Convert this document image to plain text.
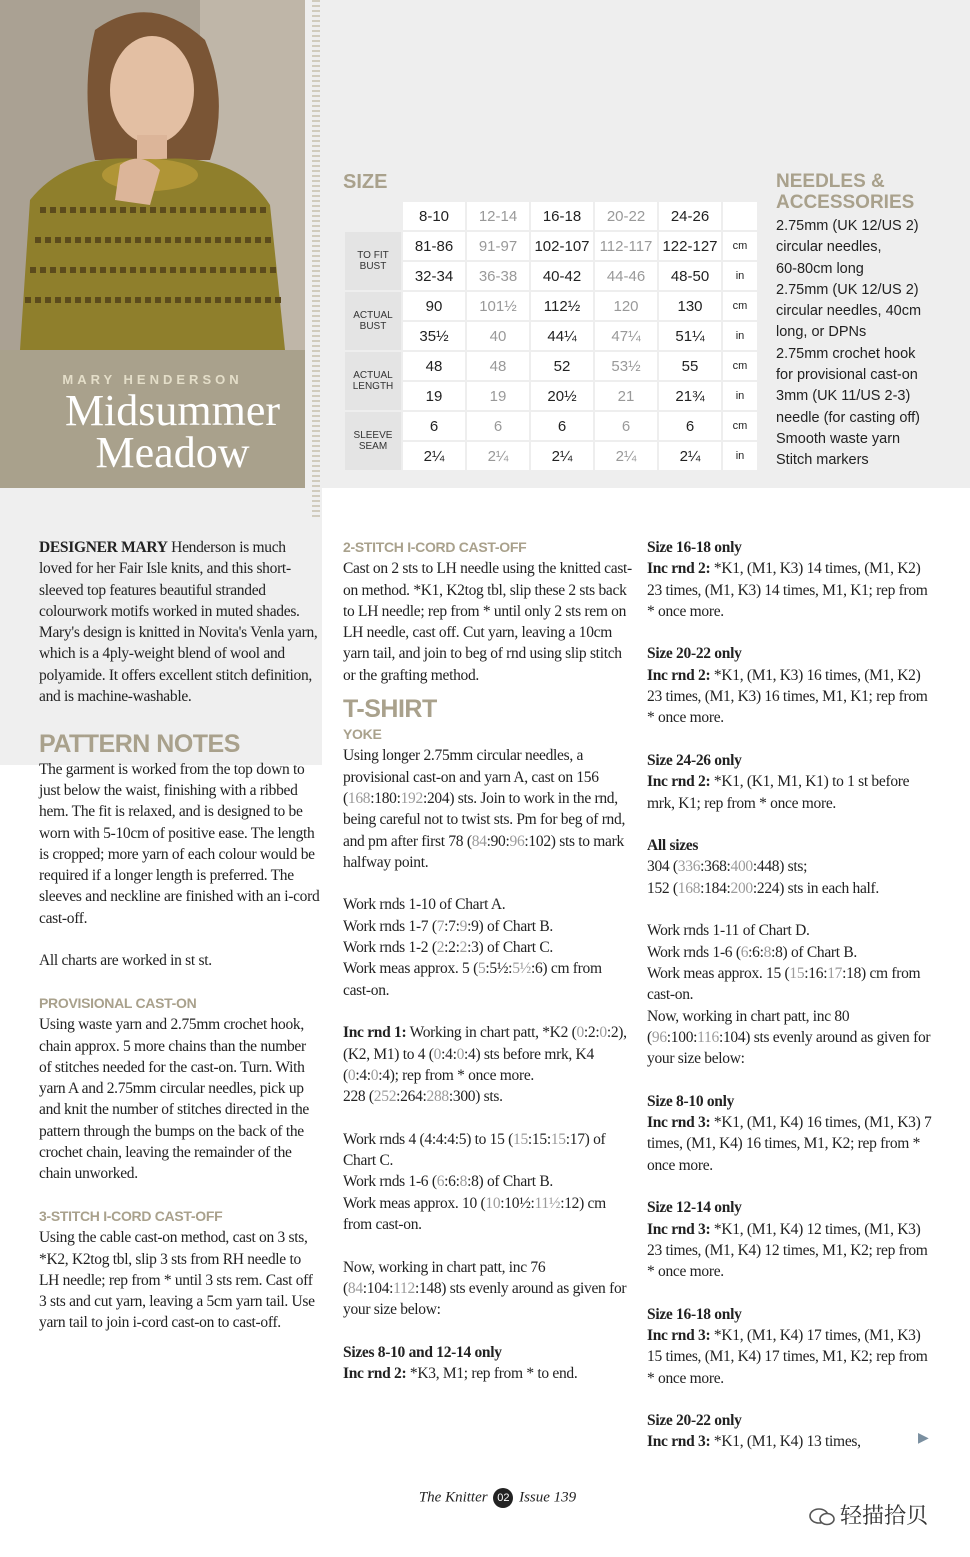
MARY HENDERSON
Midsummer
Meadow
SIZE
	8-10	12-14	16-18	20-22	24-26	
TO FIT BUST	81-86	91-97	102-107	112-117	122-127	cm
	32-34	36-38	40-42	44-46	48-50	in
ACTUAL BUST	90	101½	112½	120	130	cm
	35½	40	44¼	47¼	51¼	in
ACTUAL LENGTH	48	48	52	53½	55	cm
	19	19	20½	21	21¾	in
SLEEVE SEAM	6	6	6	6	6	cm
	2¼	2¼	2¼	2¼	2¼	in
NEEDLES &
ACCESSORIES
2.75mm (UK 12/US 2)
circular needles,
60-80cm long
2.75mm (UK 12/US 2)
circular needles, 40cm
long, or DPNs
2.75mm crochet hook
for provisional cast-on
3mm (UK 11/US 2-3)
needle (for casting off)
Smooth waste yarn
Stitch markers

DESIGNER MARY Henderson is much loved for her Fair Isle knits, and this short-sleeved top features beautiful stranded colourwork motifs worked in muted shades. Mary's design is knitted in Novita's Venla yarn, which is a 4ply-weight blend of wool and polyamide. It offers excellent stitch definition, and is machine-washable.

PATTERN NOTES

The garment is worked from the top down to just below the waist, finishing with a ribbed hem. The fit is relaxed, and is designed to be worn with 5-10cm of positive ease. The length is cropped; more yarn of each colour would be required if a longer length is preferred. The sleeves and neckline are finished with an i-cord cast-off.

All charts are worked in st st.

PROVISIONAL CAST-ON

Using waste yarn and 2.75mm crochet hook, chain approx. 5 more chains than the number of stitches needed for the cast-on. Turn. With yarn A and 2.75mm circular needles, pick up and knit the number of stitches directed in the pattern through the bumps on the back of the crochet chain, leaving the remainder of the chain unworked.

3-STITCH I-CORD CAST-OFF

Using the cable cast-on method, cast on 3 sts, *K2, K2tog tbl, slip 3 sts from RH needle to LH needle; rep from * until 3 sts rem. Cast off 3 sts and cut yarn, leaving a 5cm yarn tail. Use yarn tail to join i-cord cast-on to cast-off.

2-STITCH I-CORD CAST-OFF

Cast on 2 sts to LH needle using the knitted cast-on method. *K1, K2tog tbl, slip these 2 sts back to LH needle; rep from * until only 2 sts rem on LH needle, cast off. Cut yarn, leaving a 10cm yarn tail, and join to beg of rnd using slip stitch or the grafting method.

T-SHIRT
YOKE

Using longer 2.75mm circular needles, a provisional cast-on and yarn A, cast on 156 (168:180:192:204) sts. Join to work in the rnd, being careful not to twist sts. Pm for beg of rnd, and pm after first 78 (84:90:96:102) sts to mark halfway point.

Work rnds 1-10 of Chart A.
Work rnds 1-7 (7:7:9:9) of Chart B.
Work rnds 1-2 (2:2:2:3) of Chart C.
Work meas approx. 5 (5:5½:5½:6) cm from cast-on.

Inc rnd 1: Working in chart patt, *K2 (0:2:0:2), (K2, M1) to 4 (0:4:0:4) sts before mrk, K4 (0:4:0:4); rep from * once more.
228 (252:264:288:300) sts.

Work rnds 4 (4:4:4:5) to 15 (15:15:15:17) of Chart C.
Work rnds 1-6 (6:6:8:8) of Chart B.
Work meas approx. 10 (10:10½:11½:12) cm from cast-on.

Now, working in chart patt, inc 76 (84:104:112:148) sts evenly around as given for your size below:

Sizes 8-10 and 12-14 only
Inc rnd 2: *K3, M1; rep from * to end.

Size 16-18 only
Inc rnd 2: *K1, (M1, K3) 14 times, (M1, K2) 23 times, (M1, K3) 14 times, M1, K1; rep from * once more.

Size 20-22 only
Inc rnd 2: *K1, (M1, K3) 16 times, (M1, K2) 23 times, (M1, K3) 16 times, M1, K1; rep from * once more.

Size 24-26 only
Inc rnd 2: *K1, (K1, M1, K1) to 1 st before mrk, K1; rep from * once more.

All sizes
304 (336:368:400:448) sts;
152 (168:184:200:224) sts in each half.

Work rnds 1-11 of Chart D.
Work rnds 1-6 (6:6:8:8) of Chart B.
Work meas approx. 15 (15:16:17:18) cm from cast-on.
Now, working in chart patt, inc 80 (96:100:116:104) sts evenly around as given for your size below:

Size 8-10 only
Inc rnd 3: *K1, (M1, K4) 16 times, (M1, K3) 7 times, (M1, K4) 16 times, M1, K2; rep from * once more.

Size 12-14 only
Inc rnd 3: *K1, (M1, K4) 12 times, (M1, K3) 23 times, (M1, K4) 12 times, M1, K2; rep from * once more.

Size 16-18 only
Inc rnd 3: *K1, (M1, K4) 17 times, (M1, K3) 15 times, (M1, K4) 17 times, M1, K2; rep from * once more.

Size 20-22 only
Inc rnd 3: *K1, (M1, K4) 13 times,	▶
The Knitter 02 Issue 139
轻描拾贝
